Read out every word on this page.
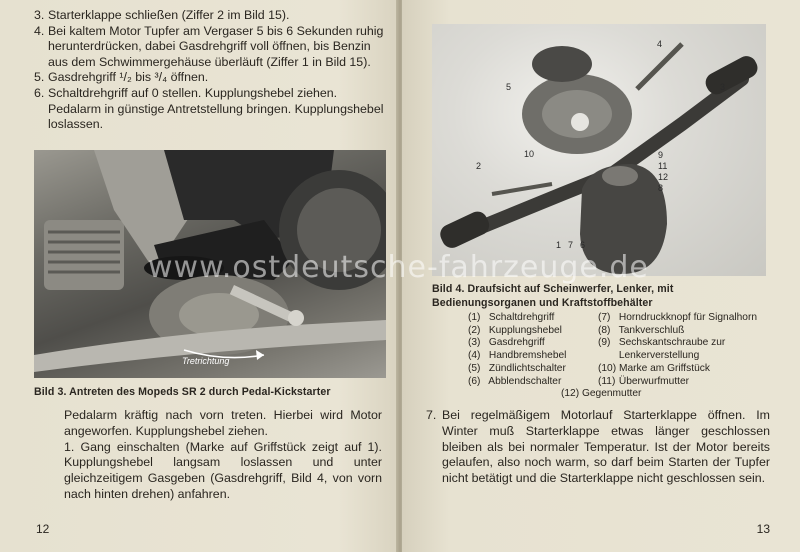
3. Starterklappe schließen (Ziffer 2 im Bild 15).
4. Bei kaltem Motor Tupfer am Vergaser 5 bis 6 Sekunden ruhig herunterdrücken, dabei Gasdrehgriff voll öffnen, bis Benzin aus dem Schwimmergehäuse überläuft (Ziffer 1 in Bild 15).
5. Gasdrehgriff ¹/₂ bis ³/₄ öffnen.
6. Schaltdrehgriff auf 0 stellen. Kupplungshebel ziehen. Pedalarm in günstige Antretstellung bringen. Kupplungshebel loslassen.
Tretrichtung
Bild 3. Antreten des Mopeds SR 2 durch Pedal-Kickstarter
Pedalarm kräftig nach vorn treten. Hierbei wird Motor angeworfen. Kupplungshebel ziehen.
1. Gang einschalten (Marke auf Griffstück zeigt auf 1). Kupplungshebel langsam loslassen und unter gleichzeitigem Gasgeben (Gasdrehgriff, Bild 4, von vorn nach hinten drehen) anfahren.
12
4
5	3
2
10	9
11
12
8
1 7 6
Bild 4. Draufsicht auf Scheinwerfer, Lenker, mit Bedienungsorganen und Kraftstoffbehälter
(1) Schaltdrehgriff
(2) Kupplungshebel
(3) Gasdrehgriff
(4) Handbremshebel
(5) Zündlichtschalter
(6) Abblendschalter
(7) Horndruckknopf für Signalhorn
(8) Tankverschluß
(9) Sechskantschraube zur
Lenkerverstellung
(10) Marke am Griffstück
(11) Überwurfmutter
(12) Gegenmutter
7. Bei regelmäßigem Motorlauf Starterklappe öffnen. Im Winter muß Starterklappe etwas länger geschlossen bleiben als bei normaler Temperatur. Ist der Motor bereits gelaufen, also noch warm, so darf beim Starten der Tupfer nicht betätigt und die Starterklappe nicht geschlossen sein.
13
www.ostdeutsche-fahrzeuge.de
